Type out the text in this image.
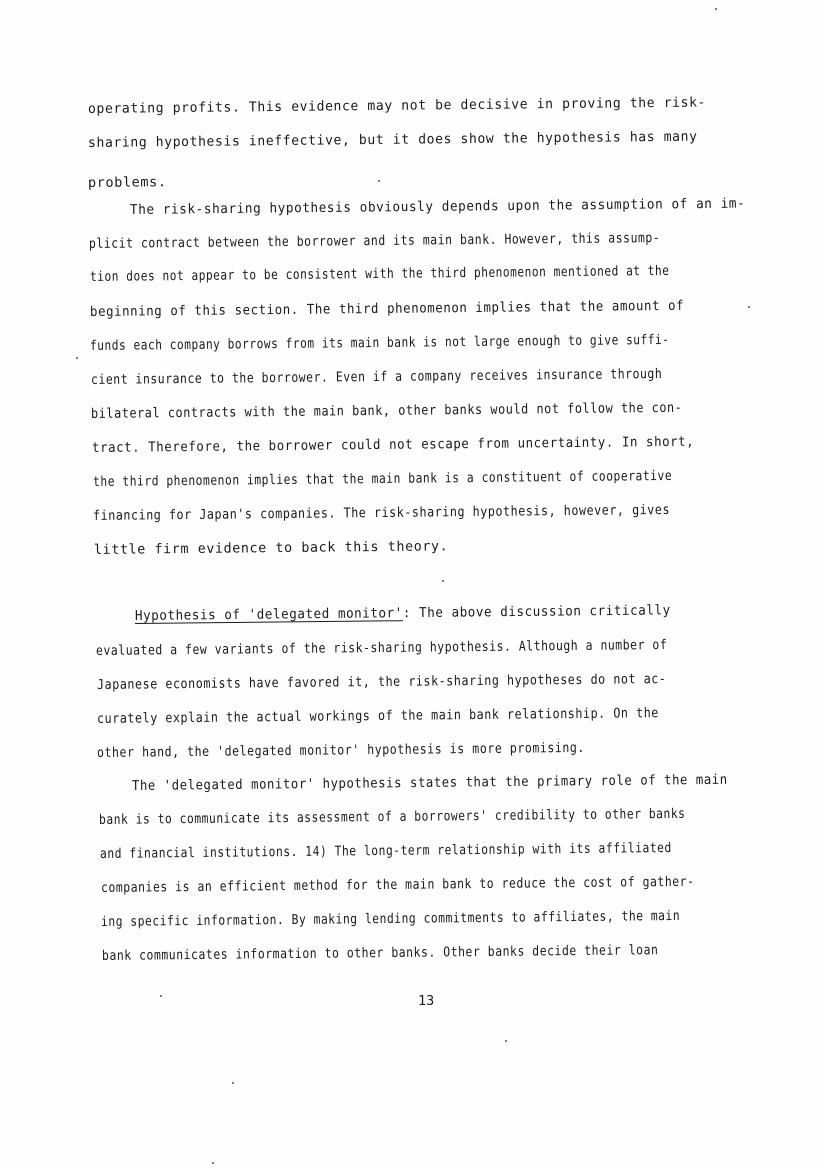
operating profits. This evidence may not be decisive in proving the risk-
sharing hypothesis ineffective, but it does show the hypothesis has many
problems.
The risk-sharing hypothesis obviously depends upon the assumption of an im-
plicit contract between the borrower and its main bank. However, this assump-
tion does not appear to be consistent with the third phenomenon mentioned at the
beginning of this section. The third phenomenon implies that the amount of
funds each company borrows from its main bank is not large enough to give suffi-
cient insurance to the borrower. Even if a company receives insurance through
bilateral contracts with the main bank, other banks would not follow the con-
tract. Therefore, the borrower could not escape from uncertainty. In short,
the third phenomenon implies that the main bank is a constituent of cooperative
financing for Japan's companies. The risk-sharing hypothesis, however, gives
little firm evidence to back this theory.
Hypothesis of 'delegated monitor': The above discussion critically
evaluated a few variants of the risk-sharing hypothesis. Although a number of
Japanese economists have favored it, the risk-sharing hypotheses do not ac-
curately explain the actual workings of the main bank relationship. On the
other hand, the 'delegated monitor' hypothesis is more promising.
The 'delegated monitor' hypothesis states that the primary role of the main
bank is to communicate its assessment of a borrowers' credibility to other banks
and financial institutions. 14) The long-term relationship with its affiliated
companies is an efficient method for the main bank to reduce the cost of gather-
ing specific information. By making lending commitments to affiliates, the main
bank communicates information to other banks. Other banks decide their loan
13
